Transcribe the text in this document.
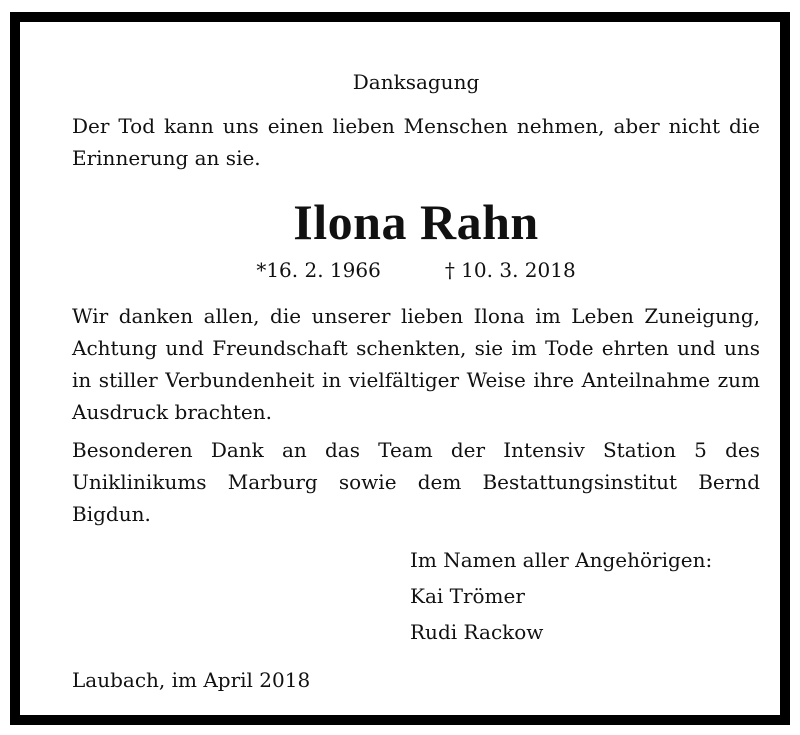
Danksagung

Der Tod kann uns einen lieben Menschen nehmen, aber nicht die Erinnerung an sie.

Ilona Rahn
*16. 2. 1966	† 10. 3. 2018

Wir danken allen, die unserer lieben Ilona im Leben Zuneigung, Achtung und Freundschaft schenkten, sie im Tode ehrten und uns in stiller Verbundenheit in vielfältiger Weise ihre Anteilnahme zum Ausdruck brachten.

Besonderen Dank an das Team der Intensiv Station 5 des Uniklinikums Marburg sowie dem Bestattungsinstitut Bernd Bigdun.

Im Namen aller Angehörigen:
Kai Trömer
Rudi Rackow
Laubach, im April 2018
